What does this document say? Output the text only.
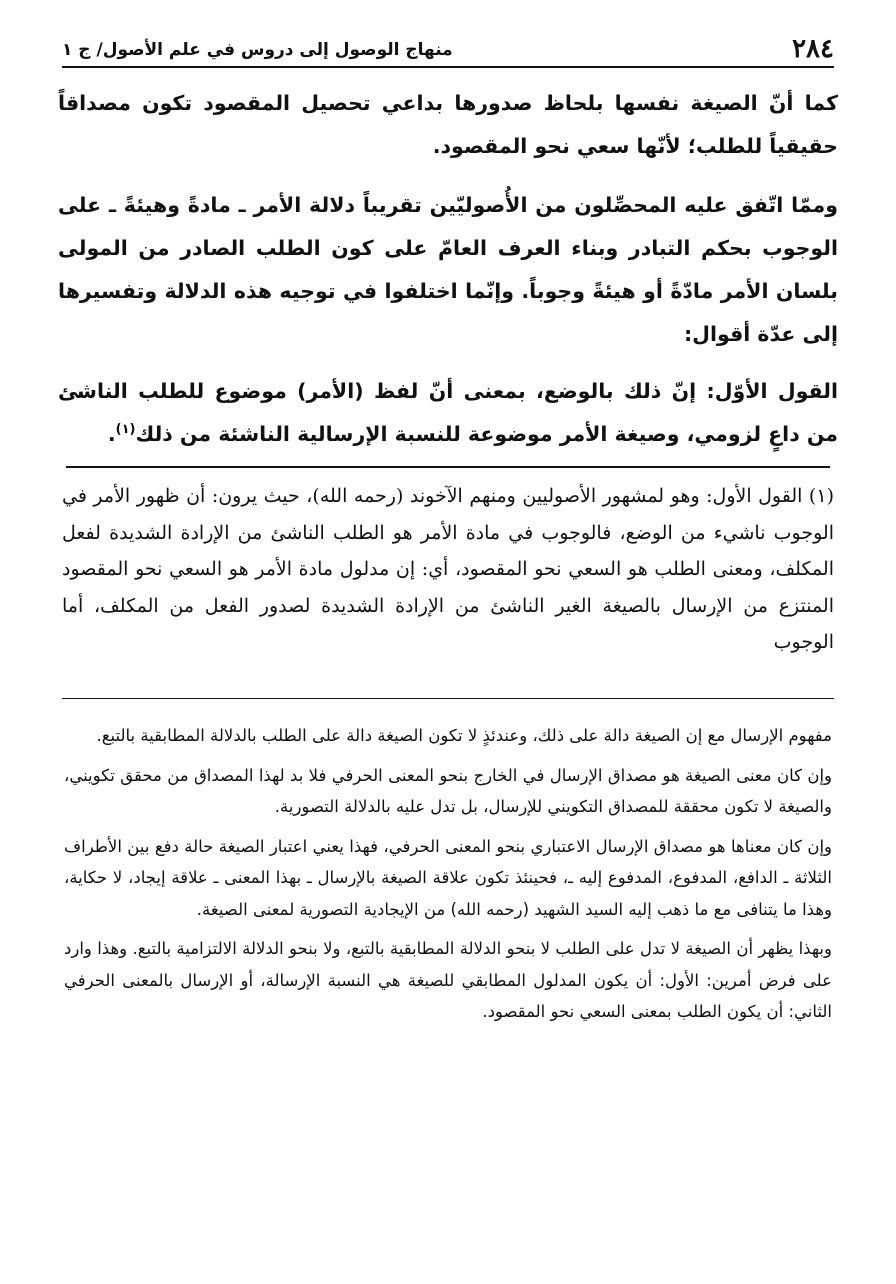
٢٨٤
منهاج الوصول إلى دروس في علم الأصول/ ج ١

كما أنّ الصيغة نفسها بلحاظ صدورها بداعي تحصيل المقصود تكون مصداقاً حقيقياً للطلب؛ لأنّها سعي نحو المقصود.

وممّا اتّفق عليه المحصِّلون من الأُصوليّين تقريباً دلالة الأمر ـ مادةً وهيئةً ـ على الوجوب بحكم التبادر وبناء العرف العامّ على كون الطلب الصادر من المولى بلسان الأمر مادّةً أو هيئةً وجوباً. وإنّما اختلفوا في توجيه هذه الدلالة وتفسيرها إلى عدّة أقوال:

القول الأوّل: إنّ ذلك بالوضع، بمعنى أنّ لفظ (الأمر) موضوع للطلب الناشئ من داعٍ لزومي، وصيغة الأمر موضوعة للنسبة الإرسالية الناشئة من ذلك$^{(١)}$.

(١) القول الأول: وهو لمشهور الأصوليين ومنهم الآخوند (رحمه الله)، حيث يرون: أن ظهور الأمر في الوجوب ناشيء من الوضع، فالوجوب في مادة الأمر هو الطلب الناشئ من الإرادة الشديدة لفعل المكلف، ومعنى الطلب هو السعي نحو المقصود، أي: إن مدلول مادة الأمر هو السعي نحو المقصود المنتزع من الإرسال بالصيغة الغير الناشئ من الإرادة الشديدة لصدور الفعل من المكلف، أما الوجوب

مفهوم الإرسال مع إن الصيغة دالة على ذلك، وعندئذٍ لا تكون الصيغة دالة على الطلب بالدلالة المطابقية بالتبع.

وإن كان معنى الصيغة هو مصداق الإرسال في الخارج بنحو المعنى الحرفي فلا بد لهذا المصداق من محقق تكويني، والصيغة لا تكون محققة للمصداق التكويني للإرسال، بل تدل عليه بالدلالة التصورية.

وإن كان معناها هو مصداق الإرسال الاعتباري بنحو المعنى الحرفي، فهذا يعني اعتبار الصيغة حالة دفع بين الأطراف الثلاثة ـ الدافع، المدفوع، المدفوع إليه ـ، فحينئذ تكون علاقة الصيغة بالإرسال ـ بهذا المعنى ـ علاقة إيجاد، لا حكاية، وهذا ما يتنافى مع ما ذهب إليه السيد الشهيد (رحمه الله) من الإيجادية التصورية لمعنى الصيغة.

وبهذا يظهر أن الصيغة لا تدل على الطلب لا بنحو الدلالة المطابقية بالتبع، ولا بنحو الدلالة الالتزامية بالتبع. وهذا وارد على فرض أمرين: الأول: أن يكون المدلول المطابقي للصيغة هي النسبة الإرسالة، أو الإرسال بالمعنى الحرفي الثاني: أن يكون الطلب بمعنى السعي نحو المقصود.
